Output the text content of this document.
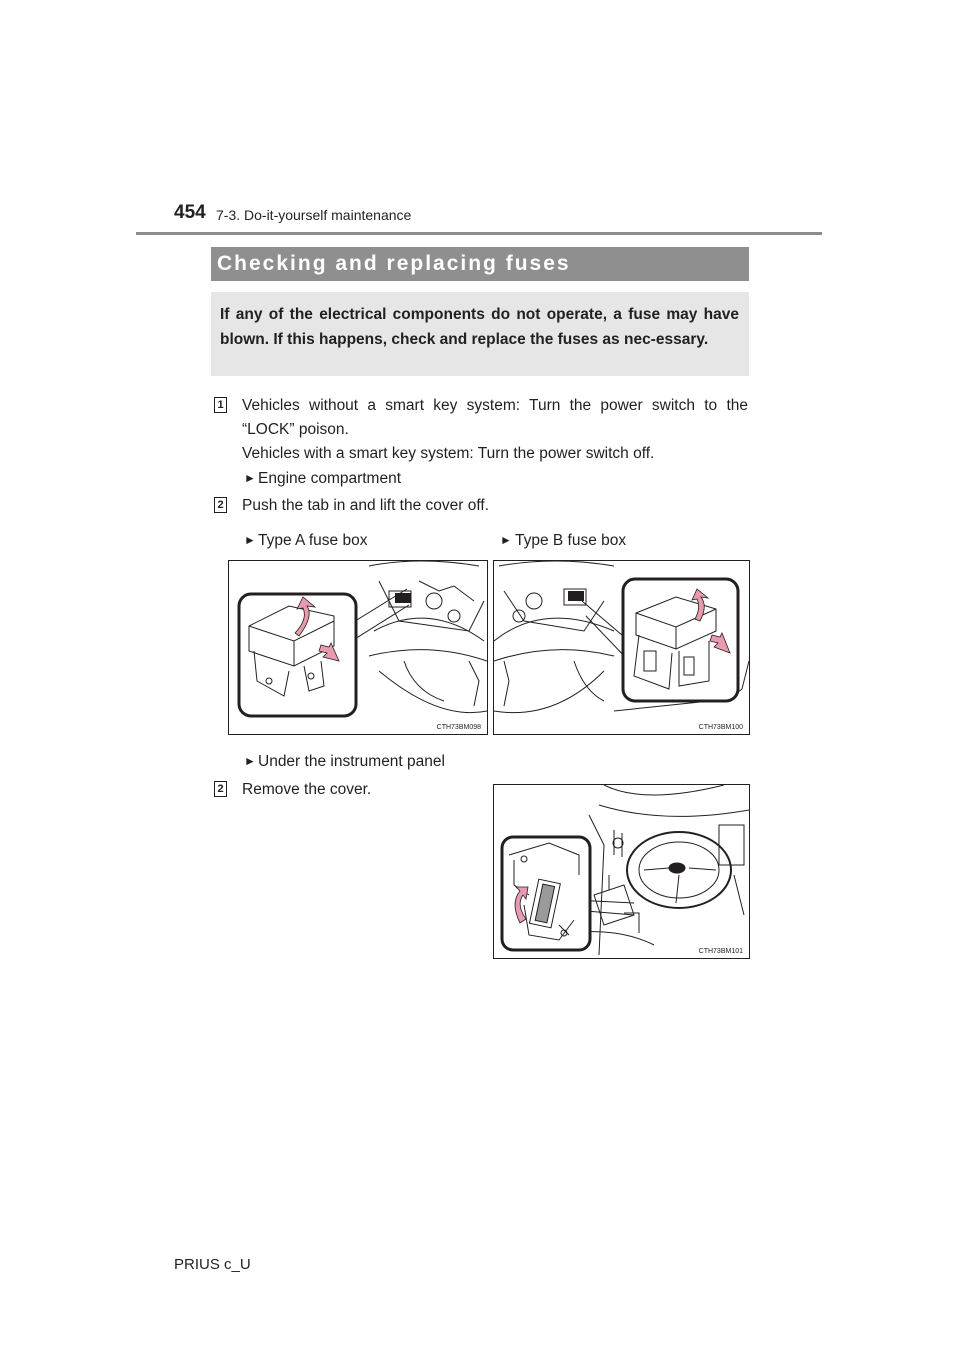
454 7-3. Do-it-yourself maintenance
Checking and replacing fuses
If any of the electrical components do not operate, a fuse may have blown. If this happens, check and replace the fuses as nec-essary.
1 Vehicles without a smart key system: Turn the power switch to the
“LOCK” poison.
Vehicles with a smart key system: Turn the power switch off.
► Engine compartment
2 Push the tab in and lift the cover off.
► Type A fuse box	► Type B fuse box
CTH73BM098	CTH73BM100
► Under the instrument panel
2 Remove the cover.
CTH73BM101
PRIUS c_U
